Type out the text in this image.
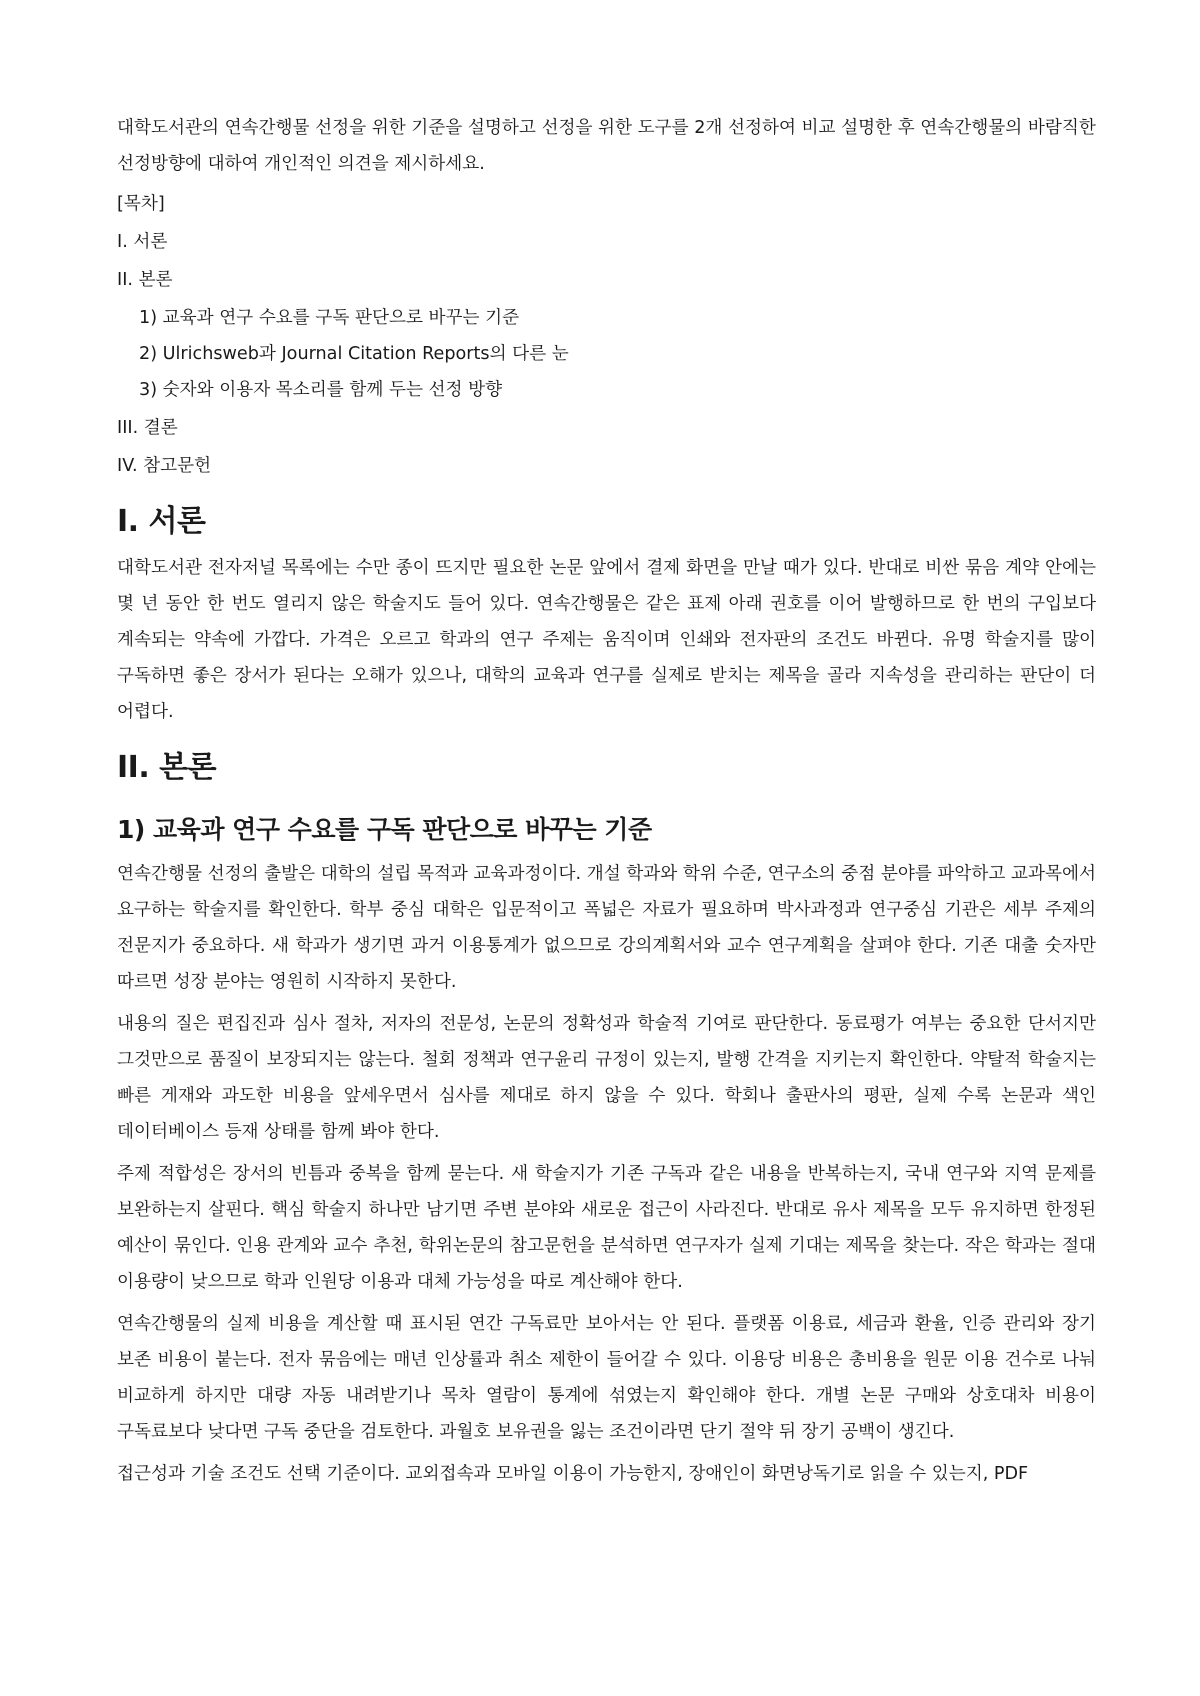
대학도서관의 연속간행물 선정을 위한 기준을 설명하고 선정을 위한 도구를 2개 선정하여 비교 설명한 후 연속간행물의 바람직한 선정방향에 대하여 개인적인 의견을 제시하세요.

[목차]
I. 서론
II. 본론
1) 교육과 연구 수요를 구독 판단으로 바꾸는 기준
2) Ulrichsweb과 Journal Citation Reports의 다른 눈
3) 숫자와 이용자 목소리를 함께 두는 선정 방향
III. 결론
IV. 참고문헌
I. 서론

대학도서관 전자저널 목록에는 수만 종이 뜨지만 필요한 논문 앞에서 결제 화면을 만날 때가 있다. 반대로 비싼 묶음 계약 안에는 몇 년 동안 한 번도 열리지 않은 학술지도 들어 있다. 연속간행물은 같은 표제 아래 권호를 이어 발행하므로 한 번의 구입보다 계속되는 약속에 가깝다. 가격은 오르고 학과의 연구 주제는 움직이며 인쇄와 전자판의 조건도 바뀐다. 유명 학술지를 많이 구독하면 좋은 장서가 된다는 오해가 있으나, 대학의 교육과 연구를 실제로 받치는 제목을 골라 지속성을 관리하는 판단이 더 어렵다.

II. 본론
1) 교육과 연구 수요를 구독 판단으로 바꾸는 기준

연속간행물 선정의 출발은 대학의 설립 목적과 교육과정이다. 개설 학과와 학위 수준, 연구소의 중점 분야를 파악하고 교과목에서 요구하는 학술지를 확인한다. 학부 중심 대학은 입문적이고 폭넓은 자료가 필요하며 박사과정과 연구중심 기관은 세부 주제의 전문지가 중요하다. 새 학과가 생기면 과거 이용통계가 없으므로 강의계획서와 교수 연구계획을 살펴야 한다. 기존 대출 숫자만 따르면 성장 분야는 영원히 시작하지 못한다.

내용의 질은 편집진과 심사 절차, 저자의 전문성, 논문의 정확성과 학술적 기여로 판단한다. 동료평가 여부는 중요한 단서지만 그것만으로 품질이 보장되지는 않는다. 철회 정책과 연구윤리 규정이 있는지, 발행 간격을 지키는지 확인한다. 약탈적 학술지는 빠른 게재와 과도한 비용을 앞세우면서 심사를 제대로 하지 않을 수 있다. 학회나 출판사의 평판, 실제 수록 논문과 색인 데이터베이스 등재 상태를 함께 봐야 한다.

주제 적합성은 장서의 빈틈과 중복을 함께 묻는다. 새 학술지가 기존 구독과 같은 내용을 반복하는지, 국내 연구와 지역 문제를 보완하는지 살핀다. 핵심 학술지 하나만 남기면 주변 분야와 새로운 접근이 사라진다. 반대로 유사 제목을 모두 유지하면 한정된 예산이 묶인다. 인용 관계와 교수 추천, 학위논문의 참고문헌을 분석하면 연구자가 실제 기대는 제목을 찾는다. 작은 학과는 절대 이용량이 낮으므로 학과 인원당 이용과 대체 가능성을 따로 계산해야 한다.

연속간행물의 실제 비용을 계산할 때 표시된 연간 구독료만 보아서는 안 된다. 플랫폼 이용료, 세금과 환율, 인증 관리와 장기 보존 비용이 붙는다. 전자 묶음에는 매년 인상률과 취소 제한이 들어갈 수 있다. 이용당 비용은 총비용을 원문 이용 건수로 나눠 비교하게 하지만 대량 자동 내려받기나 목차 열람이 통계에 섞였는지 확인해야 한다. 개별 논문 구매와 상호대차 비용이 구독료보다 낮다면 구독 중단을 검토한다. 과월호 보유권을 잃는 조건이라면 단기 절약 뒤 장기 공백이 생긴다.

접근성과 기술 조건도 선택 기준이다. 교외접속과 모바일 이용이 가능한지, 장애인이 화면낭독기로 읽을 수 있는지, PDF
